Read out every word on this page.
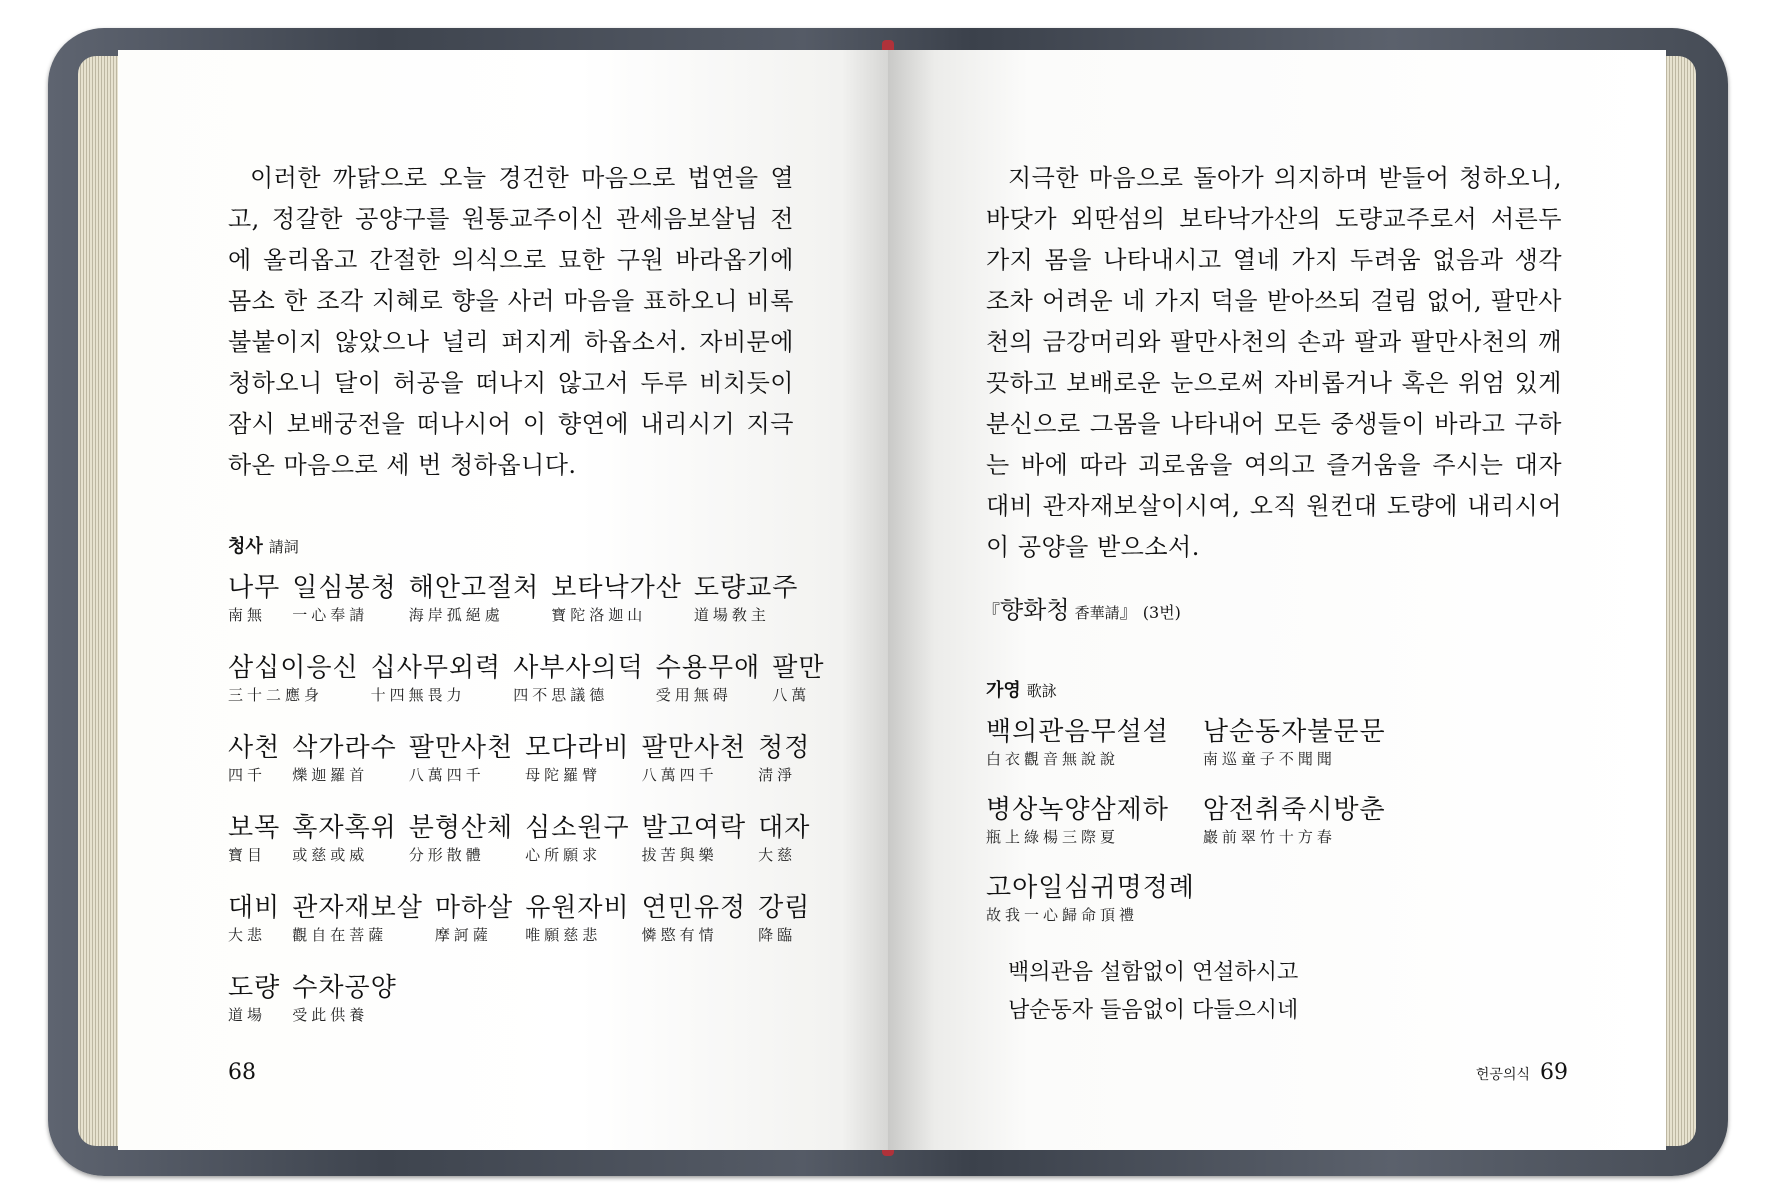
이러한 까닭으로 오늘 경건한 마음으로 법연을 열고, 정갈한 공양구를 원통교주이신 관세음보살님 전에 올리옵고 간절한 의식으로 묘한 구원 바라옵기에 몸소 한 조각 지혜로 향을 사러 마음을 표하오니 비록 불붙이지 않았으나 널리 퍼지게 하옵소서. 자비문에 청하오니 달이 허공을 떠나지 않고서 두루 비치듯이 잠시 보배궁전을 떠나시어 이 향연에 내리시기 지극하온 마음으로 세 번 청하옵니다.

청사 請詞
나무
南無
일심봉청
一心奉請
해안고절처
海岸孤絕處
보타낙가산
寶陀洛迦山
도량교주
道場敎主
삼십이응신
三十二應身
십사무외력
十四無畏力
사부사의덕
四不思議德
수용무애
受用無碍
팔만
八萬
사천
四千
삭가라수
爍迦羅首
팔만사천
八萬四千
모다라비
母陀羅臂
팔만사천
八萬四千
청정
淸淨
보목
寶目
혹자혹위
或慈或威
분형산체
分形散體
심소원구
心所願求
발고여락
拔苦與樂
대자
大慈
대비
大悲
관자재보살
觀自在菩薩
마하살
摩訶薩
유원자비
唯願慈悲
연민유정
憐愍有情
강림
降臨
도량
道場
수차공양
受此供養
68

지극한 마음으로 돌아가 의지하며 받들어 청하오니, 바닷가 외딴섬의 보타낙가산의 도량교주로서 서른두 가지 몸을 나타내시고 열네 가지 두려움 없음과 생각조차 어려운 네 가지 덕을 받아쓰되 걸림 없어, 팔만사천의 금강머리와 팔만사천의 손과 팔과 팔만사천의 깨끗하고 보배로운 눈으로써 자비롭거나 혹은 위엄 있게 분신으로 그몸을 나타내어 모든 중생들이 바라고 구하는 바에 따라 괴로움을 여의고 즐거움을 주시는 대자대비 관자재보살이시여, 오직 원컨대 도량에 내리시어 이 공양을 받으소서.

『향화청 香華請』 (3번)
가영 歌詠
백의관음무설설
白衣觀音無說說
남순동자불문문
南巡童子不聞聞
병상녹양삼제하
瓶上綠楊三際夏
암전취죽시방춘
巖前翠竹十方春
고아일심귀명정례
故我一心歸命頂禮
백의관음 설함없이 연설하시고
남순동자 들음없이 다들으시네
헌공의식 69
